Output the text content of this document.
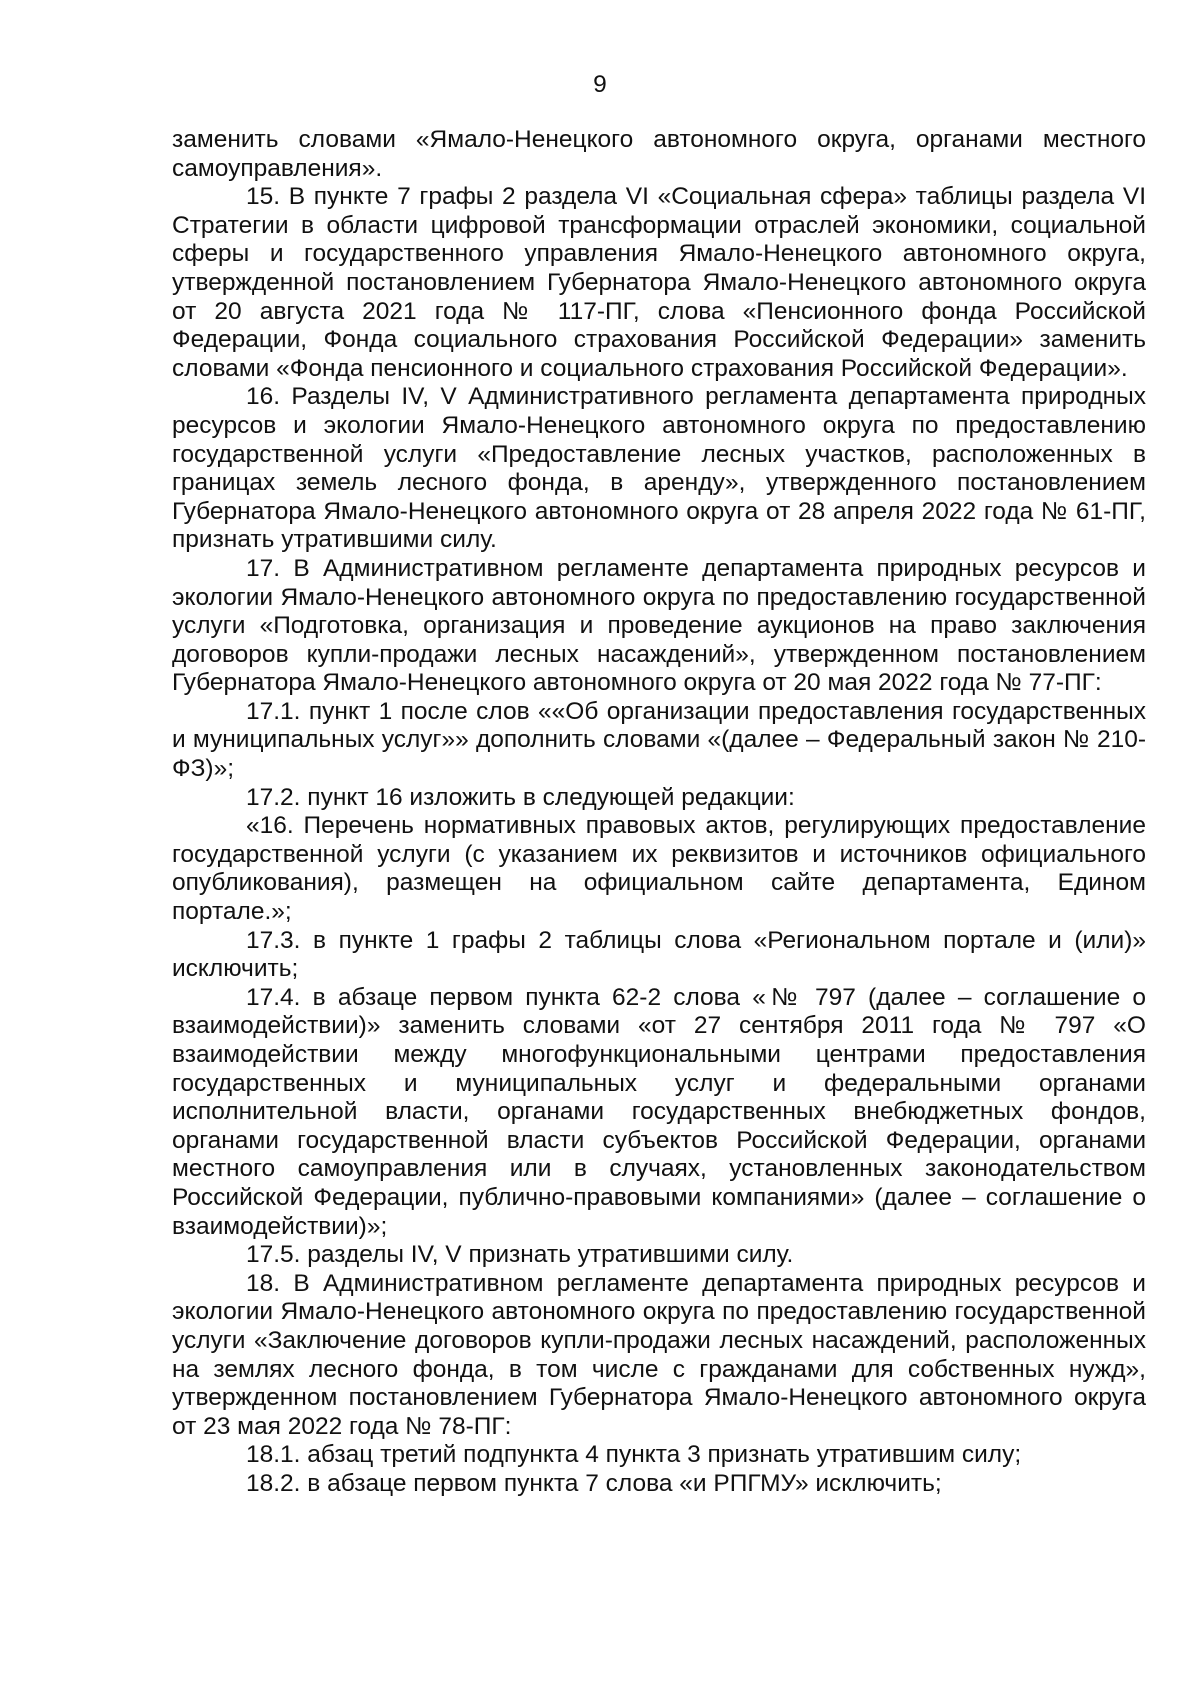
9

заменить словами «Ямало-Ненецкого автономного округа, органами местного самоуправления».

15. В пункте 7 графы 2 раздела VI «Социальная сфера» таблицы раздела VI Стратегии в области цифровой трансформации отраслей экономики, социальной сферы и государственного управления Ямало-Ненецкого автономного округа, утвержденной постановлением Губернатора Ямало-Ненецкого автономного округа от 20 августа 2021 года № 117-ПГ, слова «Пенсионного фонда Российской Федерации, Фонда социального страхования Российской Федерации» заменить словами «Фонда пенсионного и социального страхования Российской Федерации».

16. Разделы IV, V Административного регламента департамента природных ресурсов и экологии Ямало-Ненецкого автономного округа по предоставлению государственной услуги «Предоставление лесных участков, расположенных в границах земель лесного фонда, в аренду», утвержденного постановлением Губернатора Ямало-Ненецкого автономного округа от 28 апреля 2022 года № 61-ПГ, признать утратившими силу.

17. В Административном регламенте департамента природных ресурсов и экологии Ямало-Ненецкого автономного округа по предоставлению государственной услуги «Подготовка, организация и проведение аукционов на право заключения договоров купли-продажи лесных насаждений», утвержденном постановлением Губернатора Ямало-Ненецкого автономного округа от 20 мая 2022 года № 77-ПГ:

17.1. пункт 1 после слов ««Об организации предоставления государственных и муниципальных услуг»» дополнить словами «(далее – Федеральный закон № 210-ФЗ)»;

17.2. пункт 16 изложить в следующей редакции:

«16. Перечень нормативных правовых актов, регулирующих предоставление государственной услуги (с указанием их реквизитов и источников официального опубликования), размещен на официальном сайте департамента, Едином портале.»;

17.3. в пункте 1 графы 2 таблицы слова «Региональном портале и (или)» исключить;

17.4. в абзаце первом пункта 62-2 слова «№ 797 (далее – соглашение о взаимодействии)» заменить словами «от 27 сентября 2011 года № 797 «О взаимодействии между многофункциональными центрами предоставления государственных и муниципальных услуг и федеральными органами исполнительной власти, органами государственных внебюджетных фондов, органами государственной власти субъектов Российской Федерации, органами местного самоуправления или в случаях, установленных законодательством Российской Федерации, публично-правовыми компаниями» (далее – соглашение о взаимодействии)»;

17.5. разделы IV, V признать утратившими силу.

18. В Административном регламенте департамента природных ресурсов и экологии Ямало-Ненецкого автономного округа по предоставлению государственной услуги «Заключение договоров купли-продажи лесных насаждений, расположенных на землях лесного фонда, в том числе с гражданами для собственных нужд», утвержденном постановлением Губернатора Ямало-Ненецкого автономного округа от 23 мая 2022 года № 78-ПГ:

18.1. абзац третий подпункта 4 пункта 3 признать утратившим силу;

18.2. в абзаце первом пункта 7 слова «и РПГМУ» исключить;
